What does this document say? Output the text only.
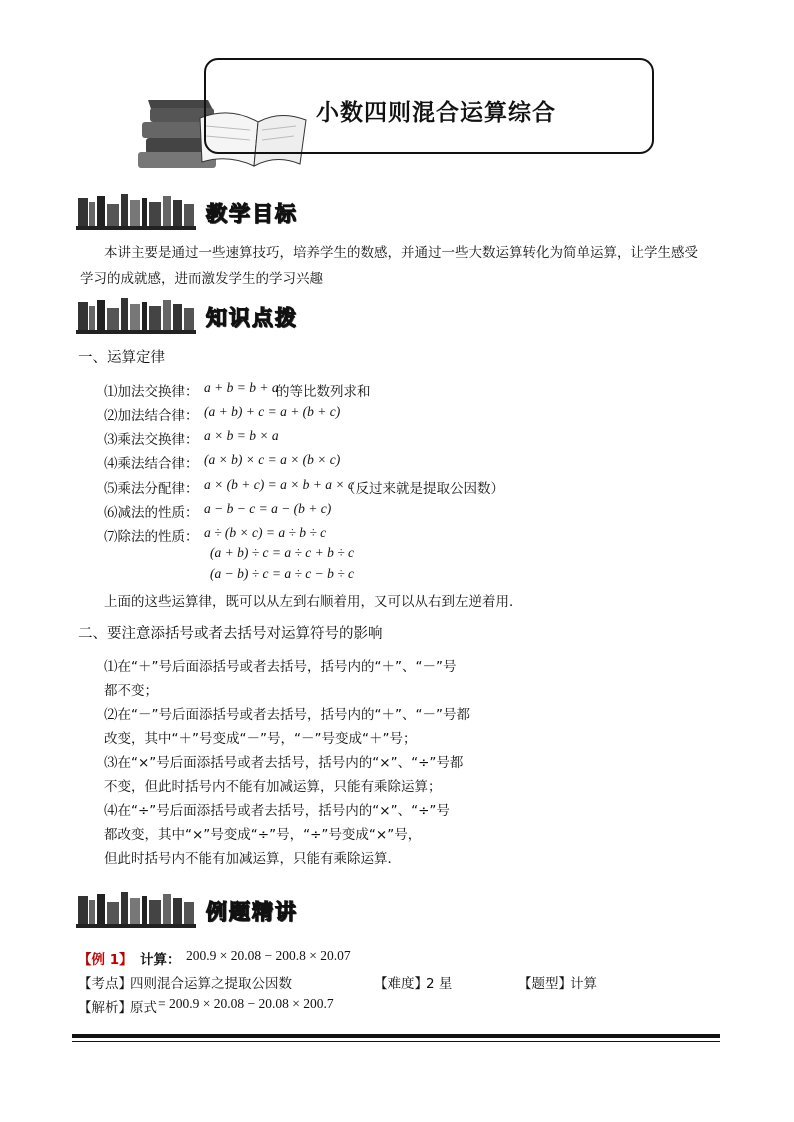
小数四则混合运算综合
教学目标
本讲主要是通过一些速算技巧，培养学生的数感，并通过一些大数运算转化为简单运算，让学生感受
学习的成就感，进而激发学生的学习兴趣
知识点拨
一、运算定律
⑴加法交换律： a + b = b + a
的等比数列求和
⑵加法结合律： (a + b) + c = a + (b + c)
⑶乘法交换律： a × b = b × a
⑷乘法结合律： (a × b) × c = a × (b × c)
⑸乘法分配律： a × (b + c) = a × b + a × c
（反过来就是提取公因数）
⑹减法的性质： a − b − c = a − (b + c)
⑺除法的性质： a ÷ (b × c) = a ÷ b ÷ c
(a + b) ÷ c = a ÷ c + b ÷ c
(a − b) ÷ c = a ÷ c − b ÷ c
上面的这些运算律，既可以从左到右顺着用，又可以从右到左逆着用．
二、要注意添括号或者去括号对运算符号的影响
⑴在“＋”号后面添括号或者去括号，括号内的“＋”、“－”号
都不变；
⑵在“－”号后面添括号或者去括号，括号内的“＋”、“－”号都
改变，其中“＋”号变成“－”号，“－”号变成“＋”号；
⑶在“×”号后面添括号或者去括号，括号内的“×”、“÷”号都
不变，但此时括号内不能有加减运算，只能有乘除运算；
⑷在“÷”号后面添括号或者去括号，括号内的“×”、“÷”号
都改变，其中“×”号变成“÷”号，“÷”号变成“×”号，
但此时括号内不能有加减运算，只能有乘除运算．
例题精讲
【例 1】 计算： 200.9 × 20.08 − 200.8 × 20.07
【考点】
四则混合运算之提取公因数	【难度】
2 星	【题型】
计算
【解析】
原式 = 200.9 × 20.08 − 20.08 × 200.7
